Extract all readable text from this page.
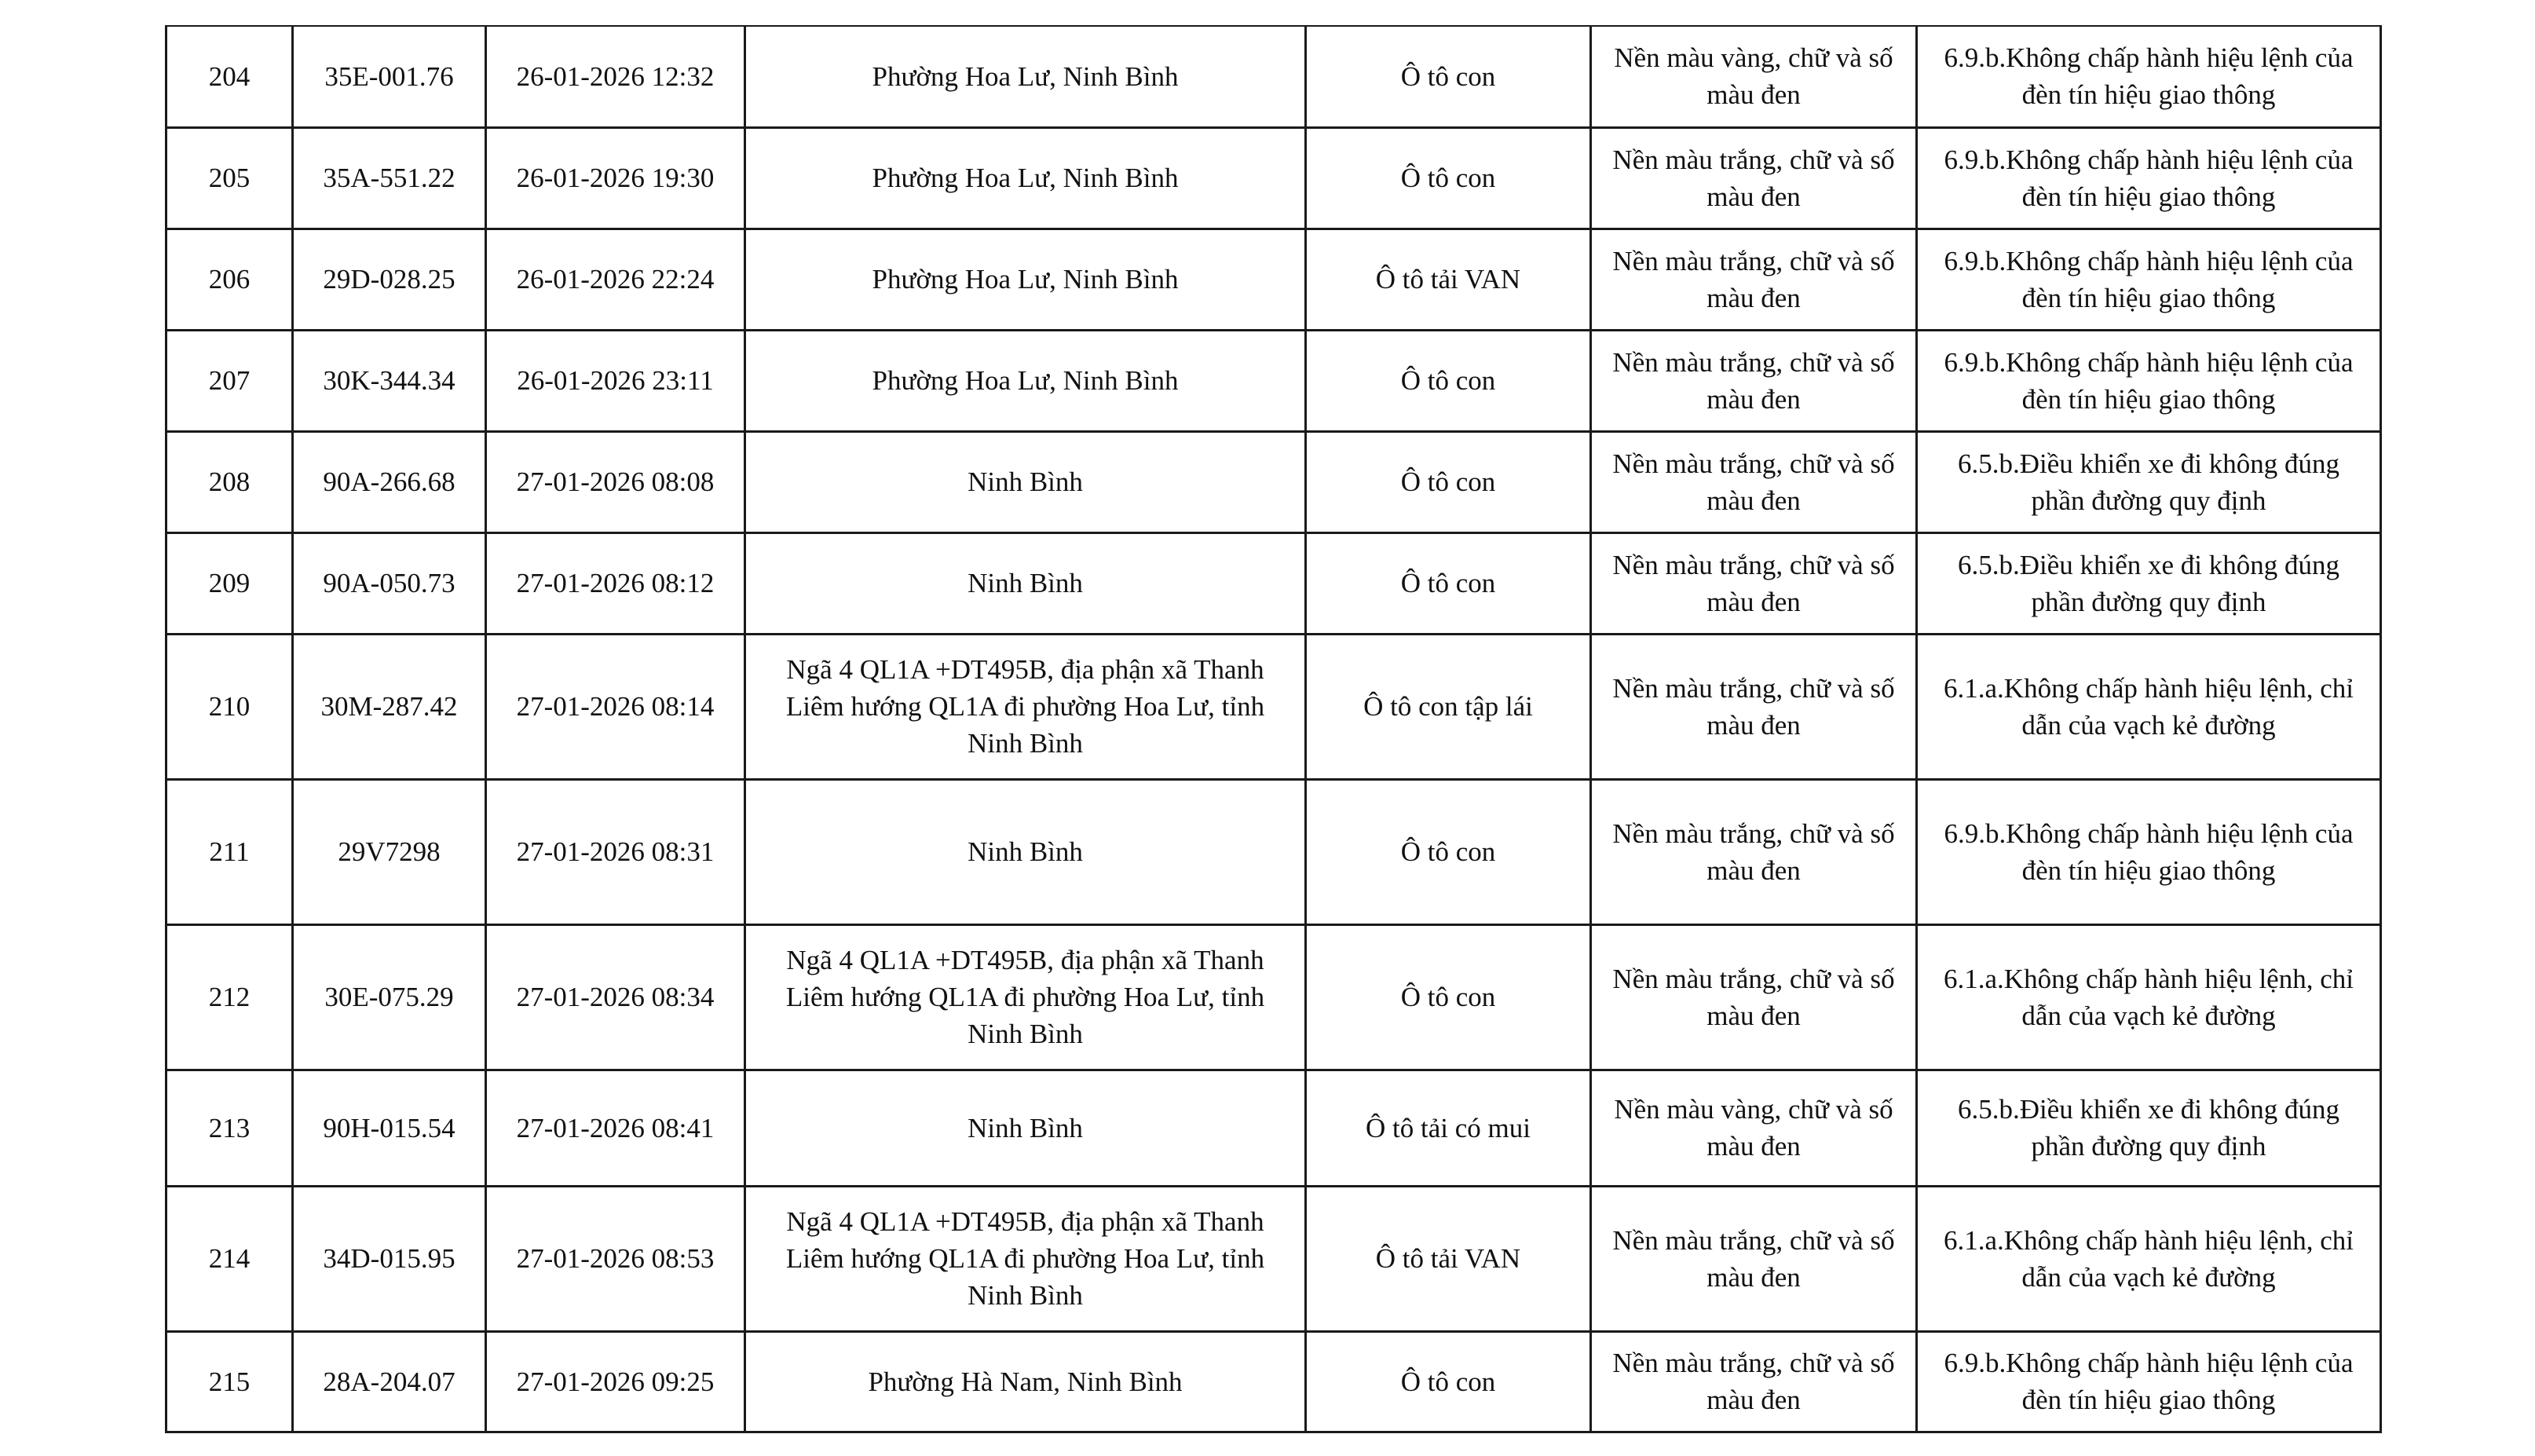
204	35E-001.76	26-01-2026 12:32	Phường Hoa Lư, Ninh Bình	Ô tô con	Nền màu vàng, chữ và số màu đen	6.9.b.Không chấp hành hiệu lệnh của đèn tín hiệu giao thông
205	35A-551.22	26-01-2026 19:30	Phường Hoa Lư, Ninh Bình	Ô tô con	Nền màu trắng, chữ và số màu đen	6.9.b.Không chấp hành hiệu lệnh của đèn tín hiệu giao thông
206	29D-028.25	26-01-2026 22:24	Phường Hoa Lư, Ninh Bình	Ô tô tải VAN	Nền màu trắng, chữ và số màu đen	6.9.b.Không chấp hành hiệu lệnh của đèn tín hiệu giao thông
207	30K-344.34	26-01-2026 23:11	Phường Hoa Lư, Ninh Bình	Ô tô con	Nền màu trắng, chữ và số màu đen	6.9.b.Không chấp hành hiệu lệnh của đèn tín hiệu giao thông
208	90A-266.68	27-01-2026 08:08	Ninh Bình	Ô tô con	Nền màu trắng, chữ và số màu đen	6.5.b.Điều khiển xe đi không đúng phần đường quy định
209	90A-050.73	27-01-2026 08:12	Ninh Bình	Ô tô con	Nền màu trắng, chữ và số màu đen	6.5.b.Điều khiển xe đi không đúng phần đường quy định
210	30M-287.42	27-01-2026 08:14	Ngã 4 QL1A +DT495B, địa phận xã Thanh Liêm hướng QL1A đi phường Hoa Lư, tỉnh Ninh Bình	Ô tô con tập lái	Nền màu trắng, chữ và số màu đen	6.1.a.Không chấp hành hiệu lệnh, chỉ dẫn của vạch kẻ đường
211	29V7298	27-01-2026 08:31	Ninh Bình	Ô tô con	Nền màu trắng, chữ và số màu đen	6.9.b.Không chấp hành hiệu lệnh của đèn tín hiệu giao thông
212	30E-075.29	27-01-2026 08:34	Ngã 4 QL1A +DT495B, địa phận xã Thanh Liêm hướng QL1A đi phường Hoa Lư, tỉnh Ninh Bình	Ô tô con	Nền màu trắng, chữ và số màu đen	6.1.a.Không chấp hành hiệu lệnh, chỉ dẫn của vạch kẻ đường
213	90H-015.54	27-01-2026 08:41	Ninh Bình	Ô tô tải có mui	Nền màu vàng, chữ và số màu đen	6.5.b.Điều khiển xe đi không đúng phần đường quy định
214	34D-015.95	27-01-2026 08:53	Ngã 4 QL1A +DT495B, địa phận xã Thanh Liêm hướng QL1A đi phường Hoa Lư, tỉnh Ninh Bình	Ô tô tải VAN	Nền màu trắng, chữ và số màu đen	6.1.a.Không chấp hành hiệu lệnh, chỉ dẫn của vạch kẻ đường
215	28A-204.07	27-01-2026 09:25	Phường Hà Nam, Ninh Bình	Ô tô con	Nền màu trắng, chữ và số màu đen	6.9.b.Không chấp hành hiệu lệnh của đèn tín hiệu giao thông
